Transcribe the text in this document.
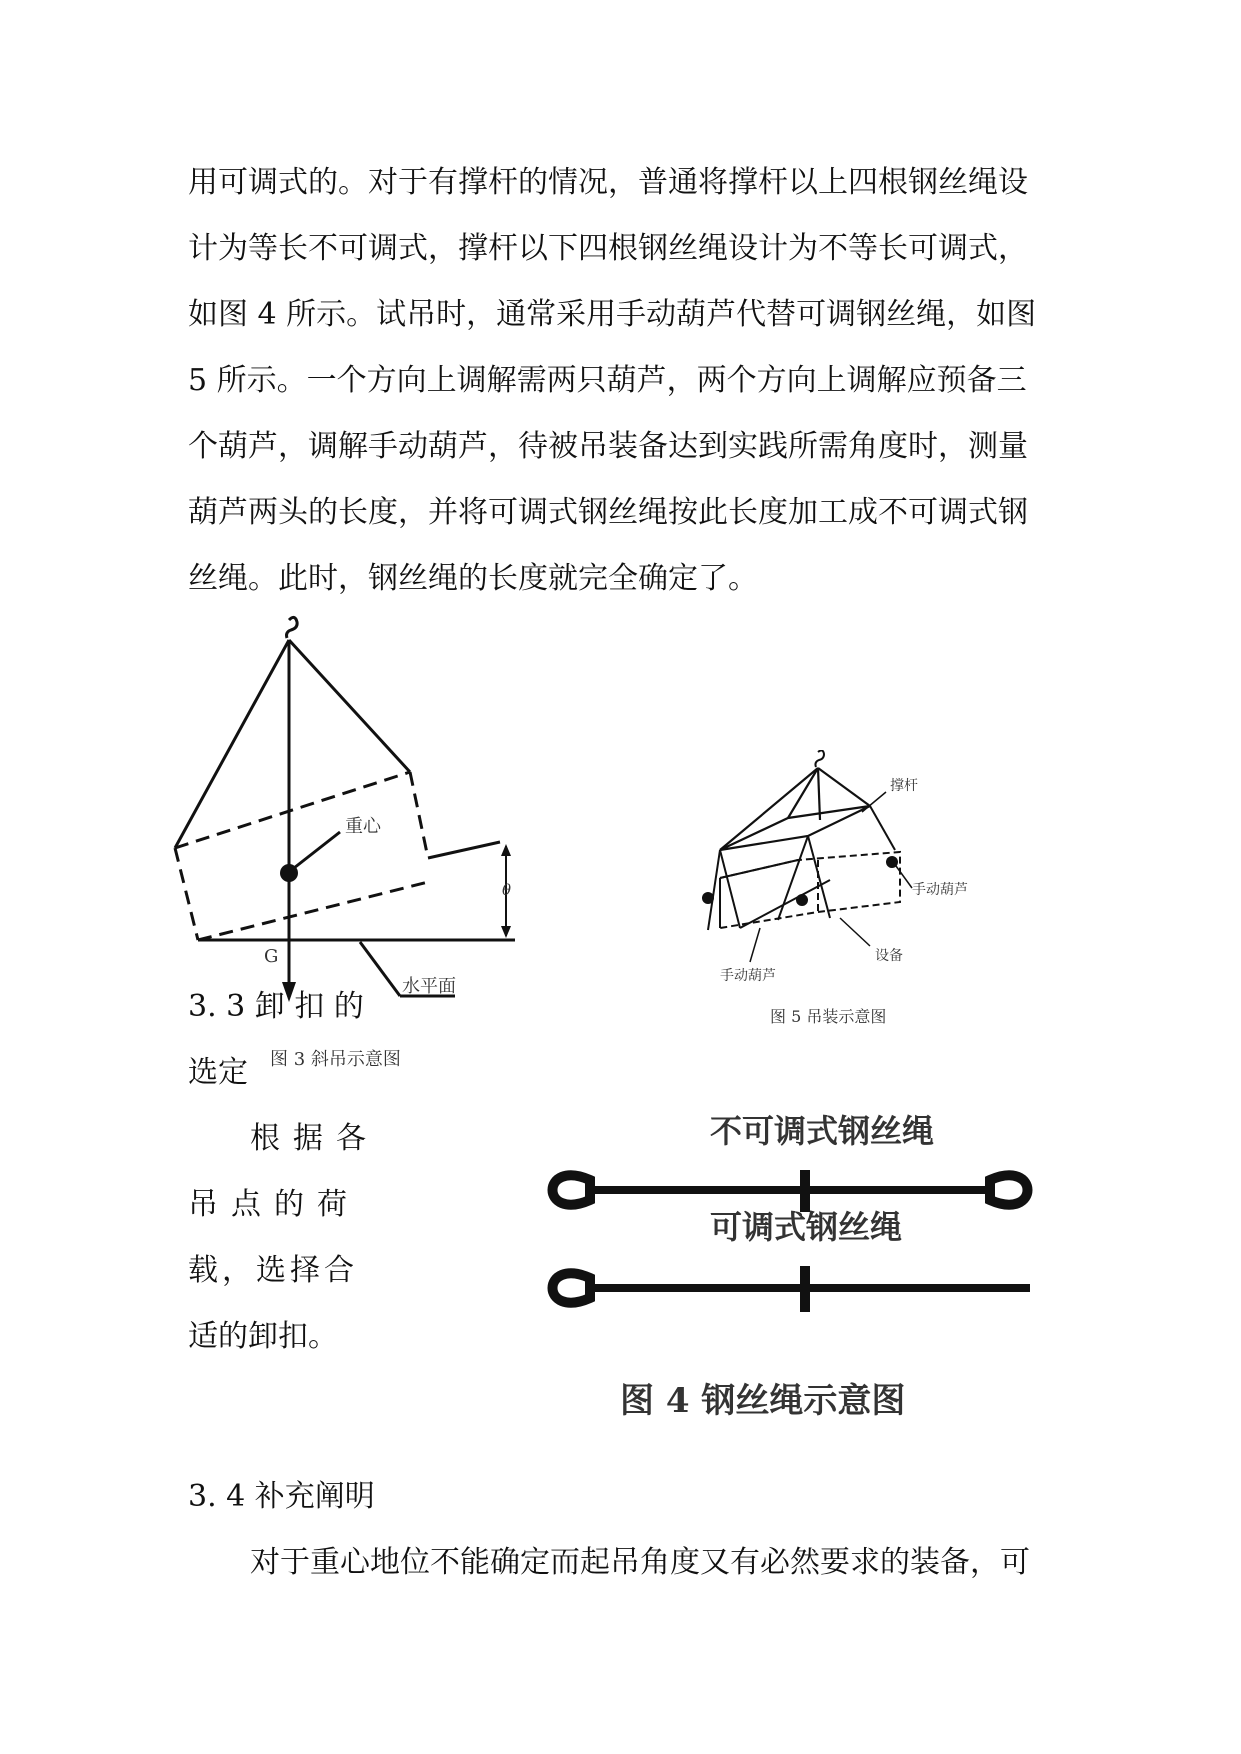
用可调式的。对于有撑杆的情况，普通将撑杆以上四根钢丝绳设

计为等长不可调式，撑杆以下四根钢丝绳设计为不等长可调式，

如图 4 所示。试吊时，通常采用手动葫芦代替可调钢丝绳，如图

5 所示。一个方向上调解需两只葫芦，两个方向上调解应预备三

个葫芦，调解手动葫芦，待被吊装备达到实践所需角度时，测量

葫芦两头的长度，并将可调式钢丝绳按此长度加工成不可调式钢

丝绳。此时，钢丝绳的长度就完全确定了。

θ
重心
G
水平面
图 3 斜吊示意图
撑杆
手动葫芦
手动葫芦
设备
图 5 吊装示意图
3. 3 卸 扣 的
选定
根据各
吊点的荷
载，选择合
适的卸扣。
不可调式钢丝绳
可调式钢丝绳
图 4 钢丝绳示意图
3. 4 补充阐明
对于重心地位不能确定而起吊角度又有必然要求的装备，可
